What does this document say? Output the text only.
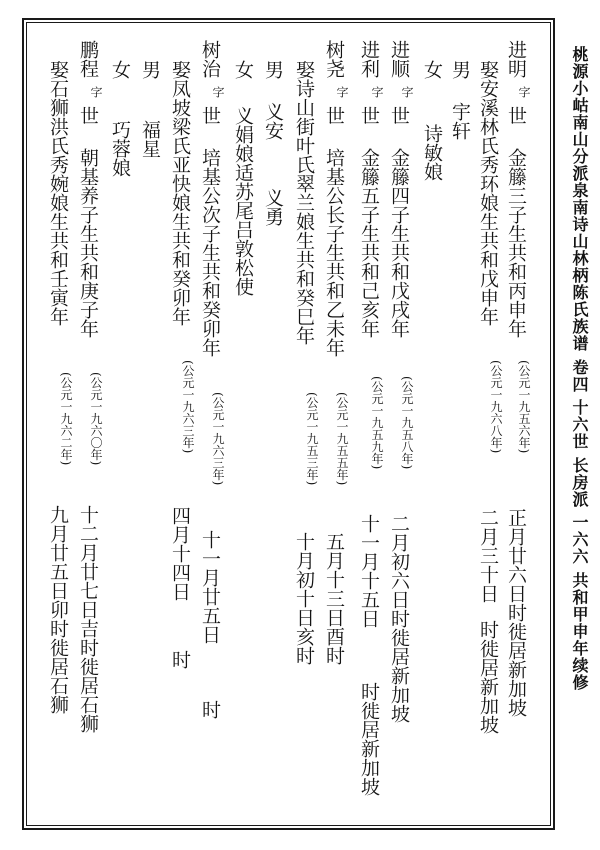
桃源小岵南山分派泉南诗山林柄陈氏族谱 卷四 十六世 长房派 一六六 共和甲申年续修
进明
字
世
金籐三子生共和丙申年
(公元一九五六年)
正月廿六日时徙居新加坡
娶安溪林氏秀环娘生共和戊申年
(公元一九六八年)
二月三十日
时徙居新加坡
男
宇轩
女
诗敏娘
进顺
字
世
金籐四子生共和戊戌年
(公元一九五八年)
二月初六日时徙居新加坡
进利
字
世
金籐五子生共和己亥年
(公元一九五九年)
十一月十五日
时徙居新加坡
树尧
字
世
培基公长子生共和乙未年
(公元一九五五年)
五月十三日酉时
娶诗山街叶氏翠兰娘生共和癸巳年
(公元一九五三年)
十月初十日亥时
男
义安
义勇
女
义娟娘适苏尾吕敦松使
树治
字
世
培基公次子生共和癸卯年
(公元一九六三年)
十一月廿五日
时
娶凤坡梁氏亚快娘生共和癸卯年
(公元一九六三年)
四月十四日
时
男
福星
女
巧蓉娘
鹏程
字
世
朝基养子生共和庚子年
(公元一九六〇年)
十二月廿七日吉时徙居石狮
娶石狮洪氏秀婉娘生共和壬寅年
(公元一九六二年)
九月廿五日卯时徙居石狮
